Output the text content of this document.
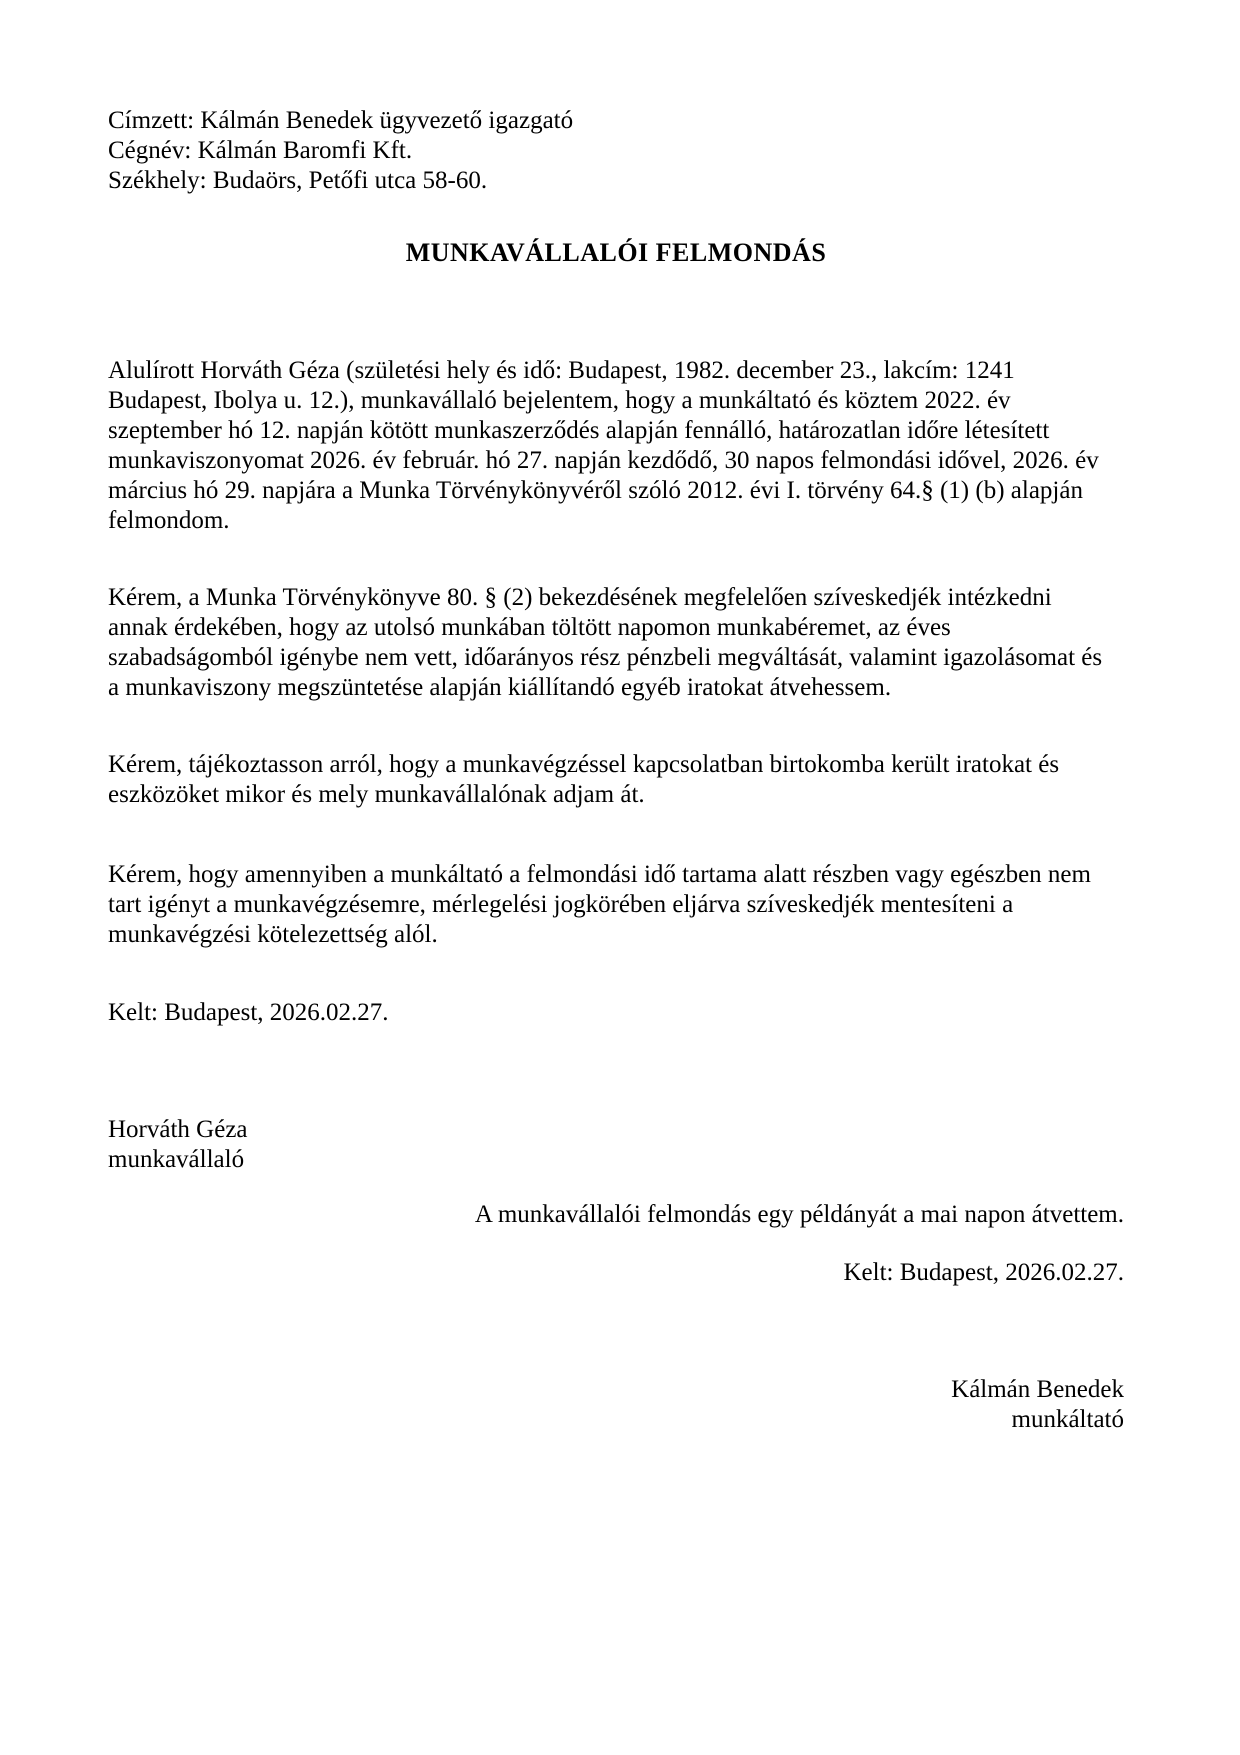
Címzett: Kálmán Benedek ügyvezető igazgató
Cégnév: Kálmán Baromfi Kft.
Székhely: Budaörs, Petőfi utca 58-60.
MUNKAVÁLLALÓI FELMONDÁS
Alulírott Horváth Géza (születési hely és idő: Budapest, 1982. december 23., lakcím: 1241
Budapest, Ibolya u. 12.), munkavállaló bejelentem, hogy a munkáltató és köztem 2022. év
szeptember hó 12. napján kötött munkaszerződés alapján fennálló, határozatlan időre létesített
munkaviszonyomat 2026. év február. hó 27. napján kezdődő, 30 napos felmondási idővel, 2026. év
március hó 29. napjára a Munka Törvénykönyvéről szóló 2012. évi I. törvény 64.§ (1) (b) alapján
felmondom.
Kérem, a Munka Törvénykönyve 80. § (2) bekezdésének megfelelően szíveskedjék intézkedni
annak érdekében, hogy az utolsó munkában töltött napomon munkabéremet, az éves
szabadságomból igénybe nem vett, időarányos rész pénzbeli megváltását, valamint igazolásomat és
a munkaviszony megszüntetése alapján kiállítandó egyéb iratokat átvehessem.
Kérem, tájékoztasson arról, hogy a munkavégzéssel kapcsolatban birtokomba került iratokat és
eszközöket mikor és mely munkavállalónak adjam át.
Kérem, hogy amennyiben a munkáltató a felmondási idő tartama alatt részben vagy egészben nem
tart igényt a munkavégzésemre, mérlegelési jogkörében eljárva szíveskedjék mentesíteni a
munkavégzési kötelezettség alól.
Kelt: Budapest, 2026.02.27.
Horváth Géza
munkavállaló
A munkavállalói felmondás egy példányát a mai napon átvettem.
Kelt: Budapest, 2026.02.27.
Kálmán Benedek
munkáltató
